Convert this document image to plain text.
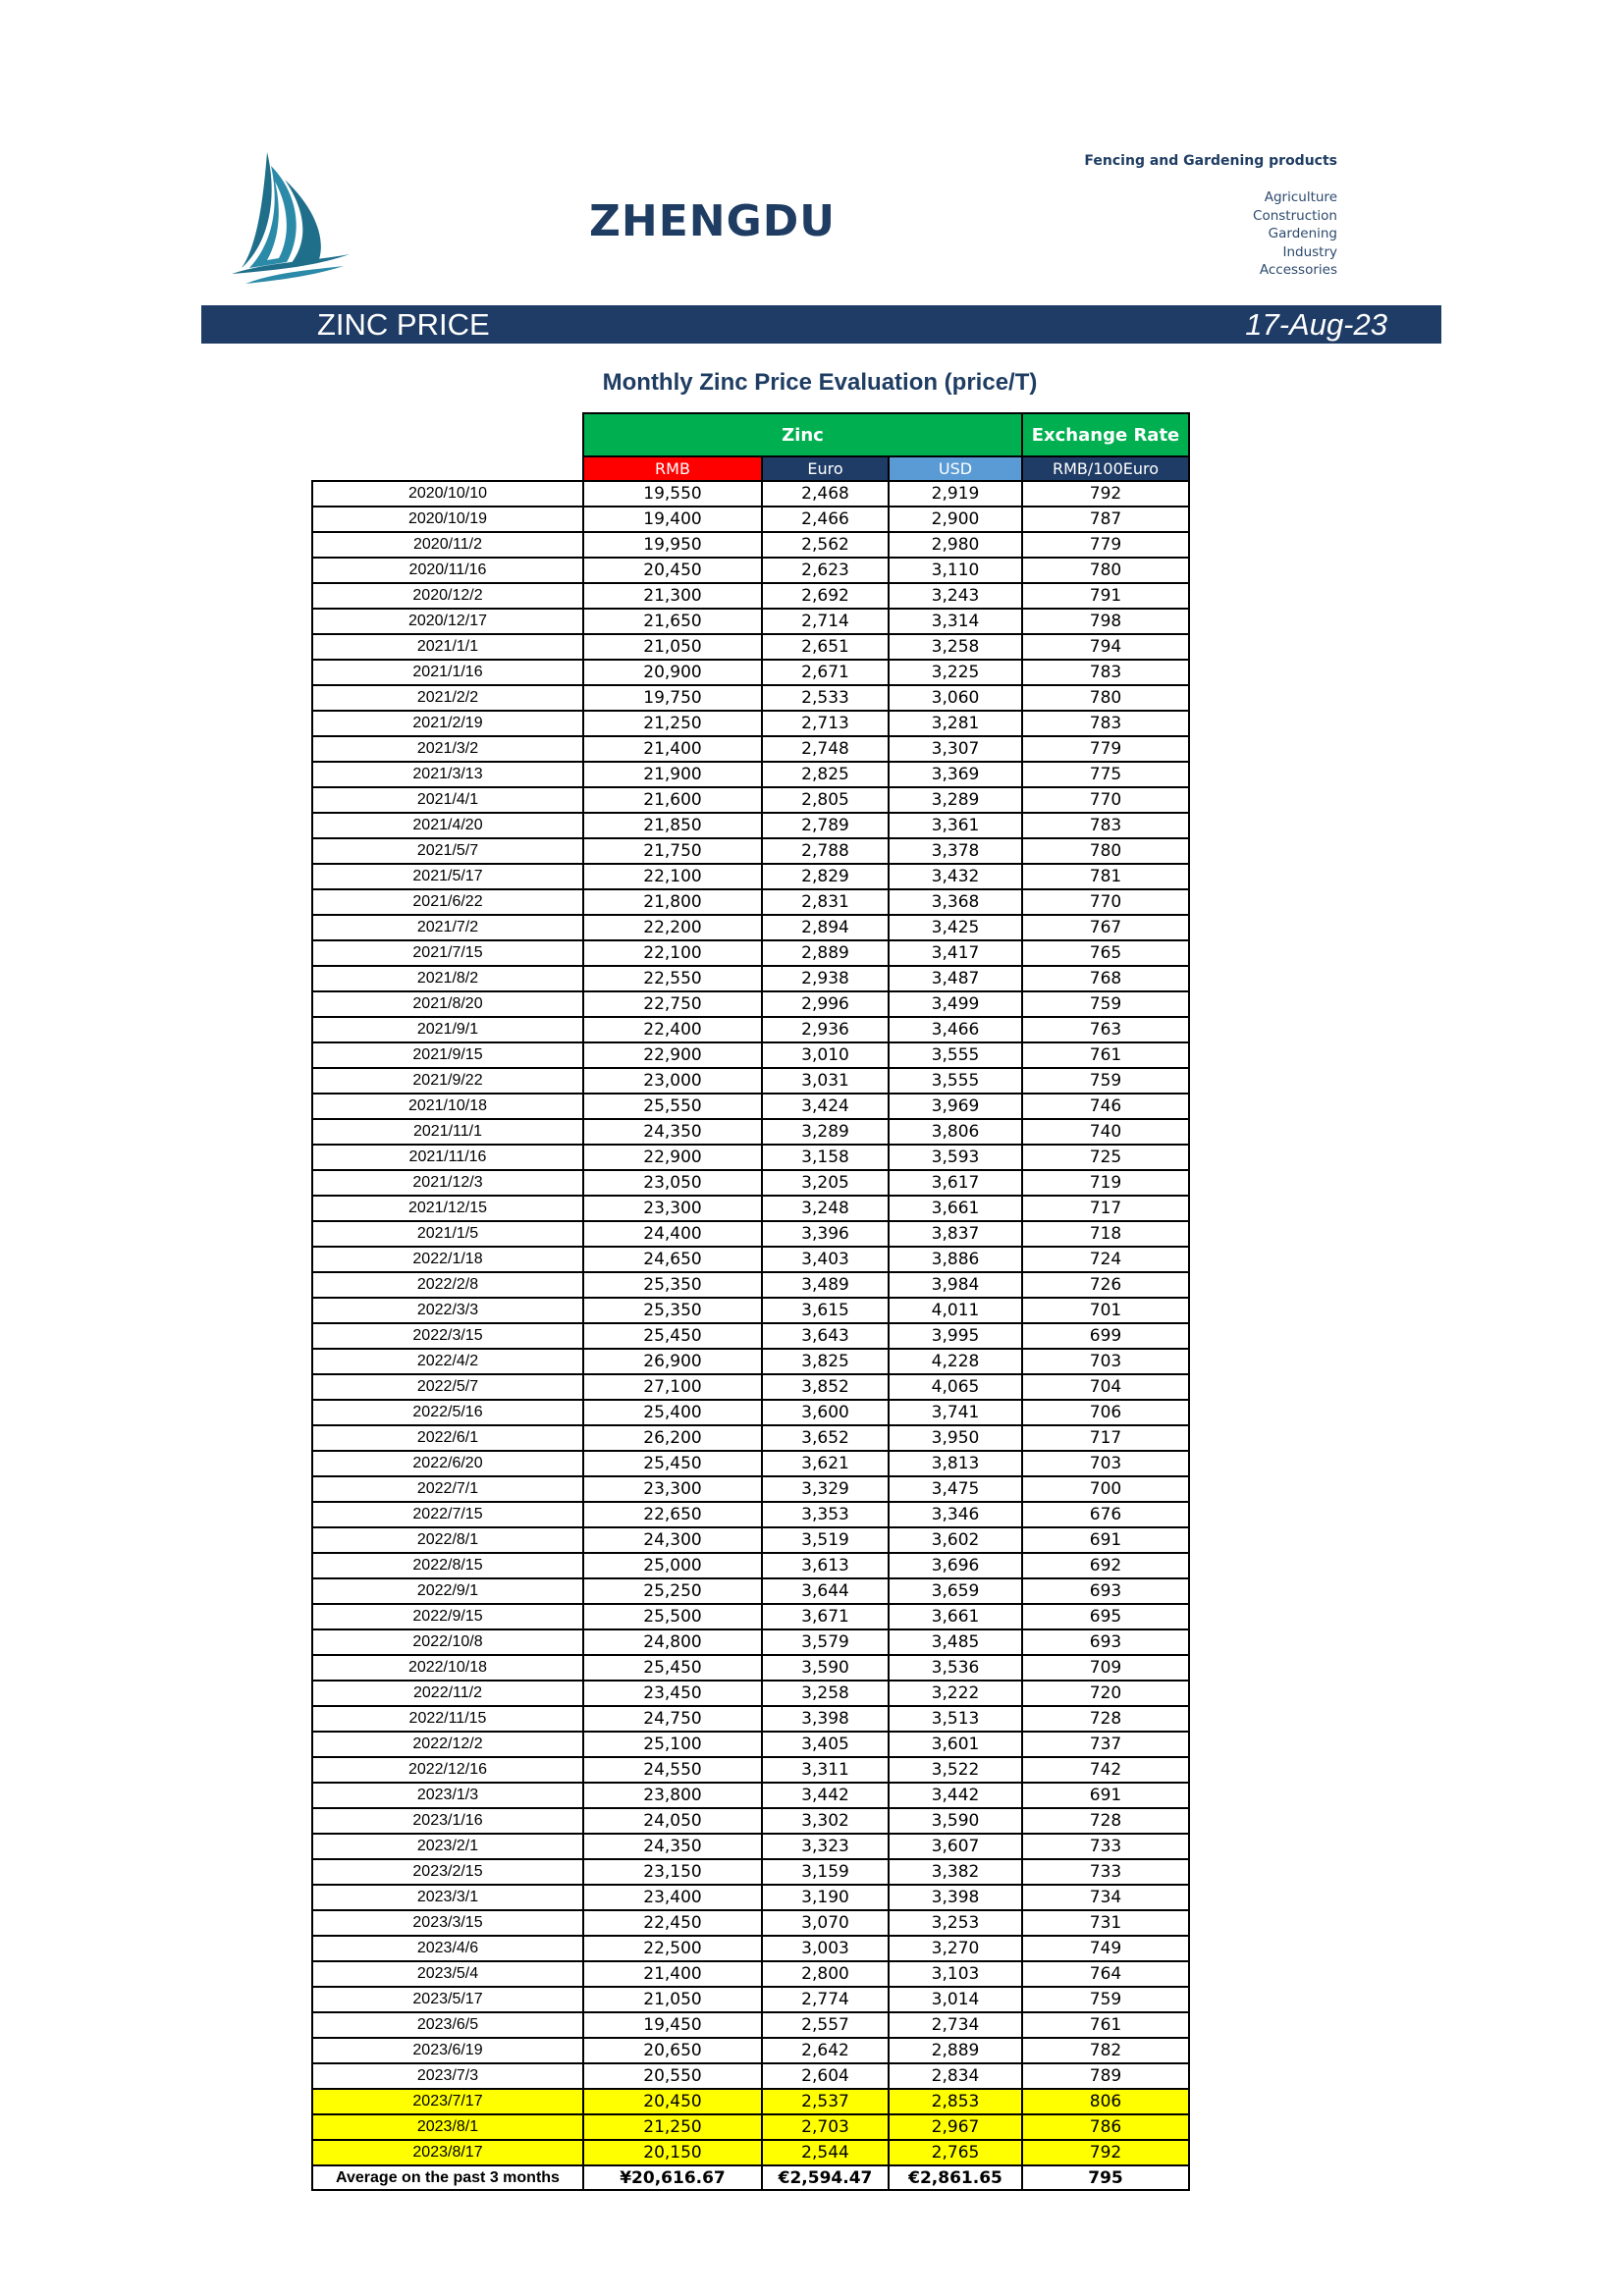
ZHENGDU
Fencing and Gardening products
Agriculture
Construction
Gardening
Industry
Accessories
ZINC PRICE	17-Aug-23
Monthly Zinc Price Evaluation (price/T)
	Zinc			Exchange Rate
	RMB	Euro	USD	RMB/100Euro
2020/10/10	19,550	2,468	2,919	792
2020/10/19	19,400	2,466	2,900	787
2020/11/2	19,950	2,562	2,980	779
2020/11/16	20,450	2,623	3,110	780
2020/12/2	21,300	2,692	3,243	791
2020/12/17	21,650	2,714	3,314	798
2021/1/1	21,050	2,651	3,258	794
2021/1/16	20,900	2,671	3,225	783
2021/2/2	19,750	2,533	3,060	780
2021/2/19	21,250	2,713	3,281	783
2021/3/2	21,400	2,748	3,307	779
2021/3/13	21,900	2,825	3,369	775
2021/4/1	21,600	2,805	3,289	770
2021/4/20	21,850	2,789	3,361	783
2021/5/7	21,750	2,788	3,378	780
2021/5/17	22,100	2,829	3,432	781
2021/6/22	21,800	2,831	3,368	770
2021/7/2	22,200	2,894	3,425	767
2021/7/15	22,100	2,889	3,417	765
2021/8/2	22,550	2,938	3,487	768
2021/8/20	22,750	2,996	3,499	759
2021/9/1	22,400	2,936	3,466	763
2021/9/15	22,900	3,010	3,555	761
2021/9/22	23,000	3,031	3,555	759
2021/10/18	25,550	3,424	3,969	746
2021/11/1	24,350	3,289	3,806	740
2021/11/16	22,900	3,158	3,593	725
2021/12/3	23,050	3,205	3,617	719
2021/12/15	23,300	3,248	3,661	717
2021/1/5	24,400	3,396	3,837	718
2022/1/18	24,650	3,403	3,886	724
2022/2/8	25,350	3,489	3,984	726
2022/3/3	25,350	3,615	4,011	701
2022/3/15	25,450	3,643	3,995	699
2022/4/2	26,900	3,825	4,228	703
2022/5/7	27,100	3,852	4,065	704
2022/5/16	25,400	3,600	3,741	706
2022/6/1	26,200	3,652	3,950	717
2022/6/20	25,450	3,621	3,813	703
2022/7/1	23,300	3,329	3,475	700
2022/7/15	22,650	3,353	3,346	676
2022/8/1	24,300	3,519	3,602	691
2022/8/15	25,000	3,613	3,696	692
2022/9/1	25,250	3,644	3,659	693
2022/9/15	25,500	3,671	3,661	695
2022/10/8	24,800	3,579	3,485	693
2022/10/18	25,450	3,590	3,536	709
2022/11/2	23,450	3,258	3,222	720
2022/11/15	24,750	3,398	3,513	728
2022/12/2	25,100	3,405	3,601	737
2022/12/16	24,550	3,311	3,522	742
2023/1/3	23,800	3,442	3,442	691
2023/1/16	24,050	3,302	3,590	728
2023/2/1	24,350	3,323	3,607	733
2023/2/15	23,150	3,159	3,382	733
2023/3/1	23,400	3,190	3,398	734
2023/3/15	22,450	3,070	3,253	731
2023/4/6	22,500	3,003	3,270	749
2023/5/4	21,400	2,800	3,103	764
2023/5/17	21,050	2,774	3,014	759
2023/6/5	19,450	2,557	2,734	761
2023/6/19	20,650	2,642	2,889	782
2023/7/3	20,550	2,604	2,834	789
2023/7/17	20,450	2,537	2,853	806
2023/8/1	21,250	2,703	2,967	786
2023/8/17	20,150	2,544	2,765	792
Average on the past 3 months	¥20,616.67	€2,594.47	€2,861.65	795
